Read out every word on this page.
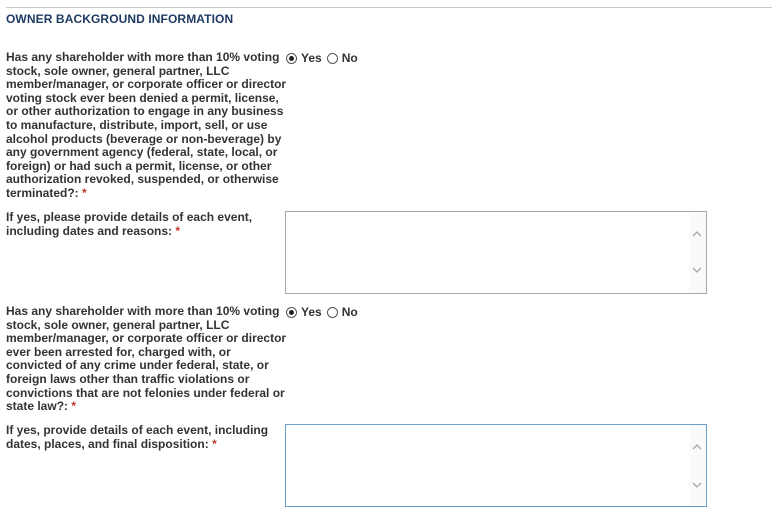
OWNER BACKGROUND INFORMATION
Has any shareholder with more than 10% voting stock, sole owner, general partner, LLC member/manager, or corporate officer or director voting stock ever been denied a permit, license, or other authorization to engage in any business to manufacture, distribute, import, sell, or use alcohol products (beverage or non-beverage) by any government agency (federal, state, local, or foreign) or had such a permit, license, or other authorization revoked, suspended, or otherwise terminated?: *
Yes No
If yes, please provide details of each event, including dates and reasons: *
Has any shareholder with more than 10% voting stock, sole owner, general partner, LLC member/manager, or corporate officer or director ever been arrested for, charged with, or convicted of any crime under federal, state, or foreign laws other than traffic violations or convictions that are not felonies under federal or state law?: *
Yes No
If yes, provide details of each event, including dates, places, and final disposition: *
